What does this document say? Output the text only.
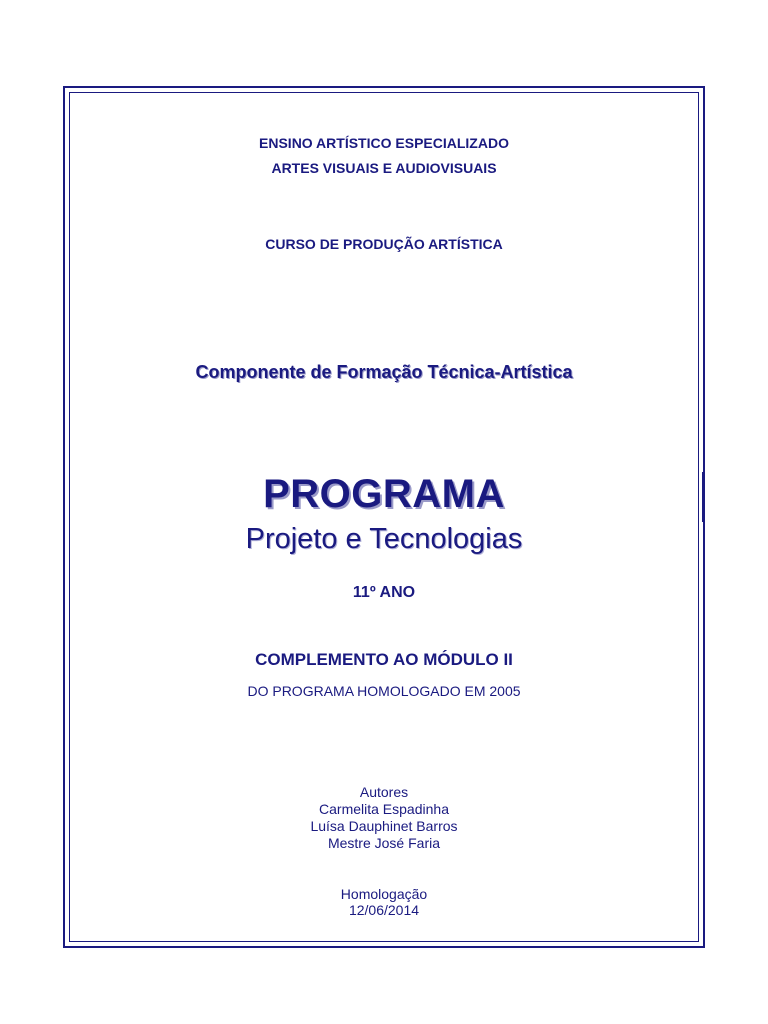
ENSINO ARTÍSTICO ESPECIALIZADO
ARTES VISUAIS E AUDIOVISUAIS
CURSO DE PRODUÇÃO ARTÍSTICA
Componente de Formação Técnica-Artística
PROGRAMA
Projeto e Tecnologias
11º ANO
COMPLEMENTO AO MÓDULO II
DO PROGRAMA HOMOLOGADO EM 2005
Autores
Carmelita Espadinha
Luísa Dauphinet Barros
Mestre José Faria
Homologação
12/06/2014
